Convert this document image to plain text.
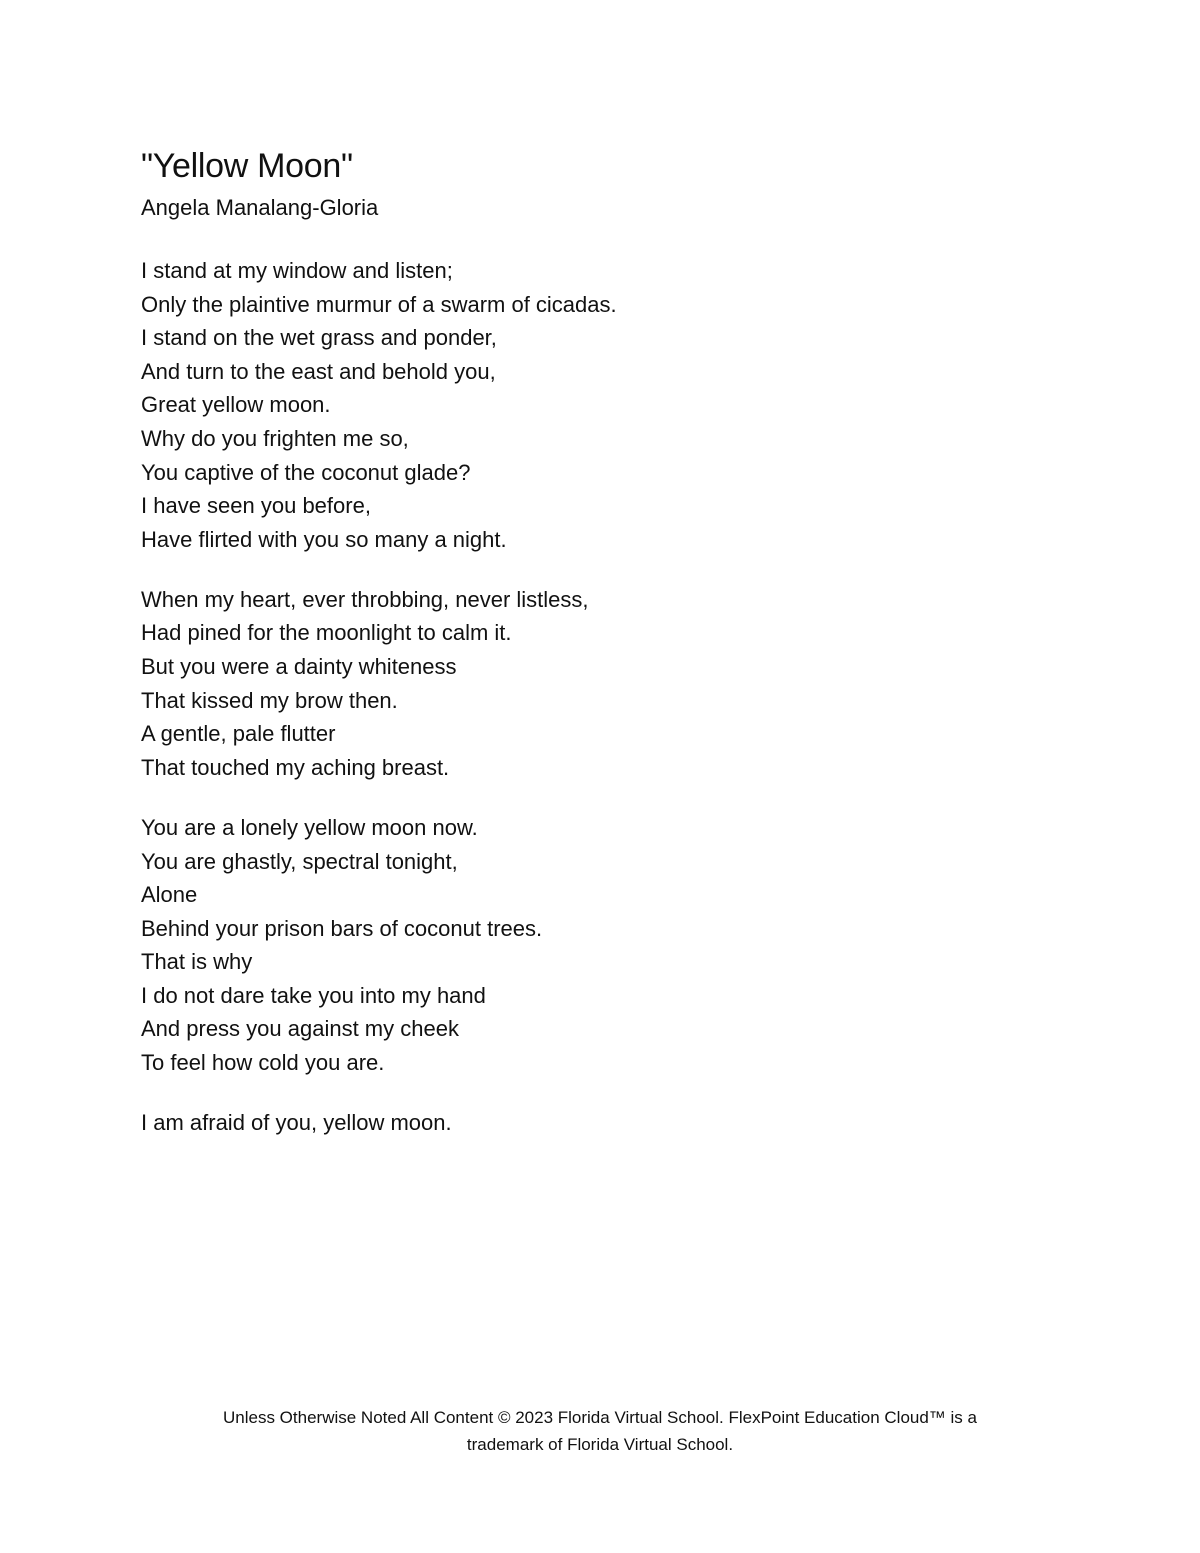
"Yellow Moon"

Angela Manalang-Gloria

I stand at my window and listen;
Only the plaintive murmur of a swarm of cicadas.
I stand on the wet grass and ponder,
And turn to the east and behold you,
Great yellow moon.
Why do you frighten me so,
You captive of the coconut glade?
I have seen you before,
Have flirted with you so many a night.
When my heart, ever throbbing, never listless,
Had pined for the moonlight to calm it.
But you were a dainty whiteness
That kissed my brow then.
A gentle, pale flutter
That touched my aching breast.
You are a lonely yellow moon now.
You are ghastly, spectral tonight,
Alone
Behind your prison bars of coconut trees.
That is why
I do not dare take you into my hand
And press you against my cheek
To feel how cold you are.
I am afraid of you, yellow moon.
Unless Otherwise Noted All Content © 2023 Florida Virtual School. FlexPoint Education Cloud™ is a
trademark of Florida Virtual School.
